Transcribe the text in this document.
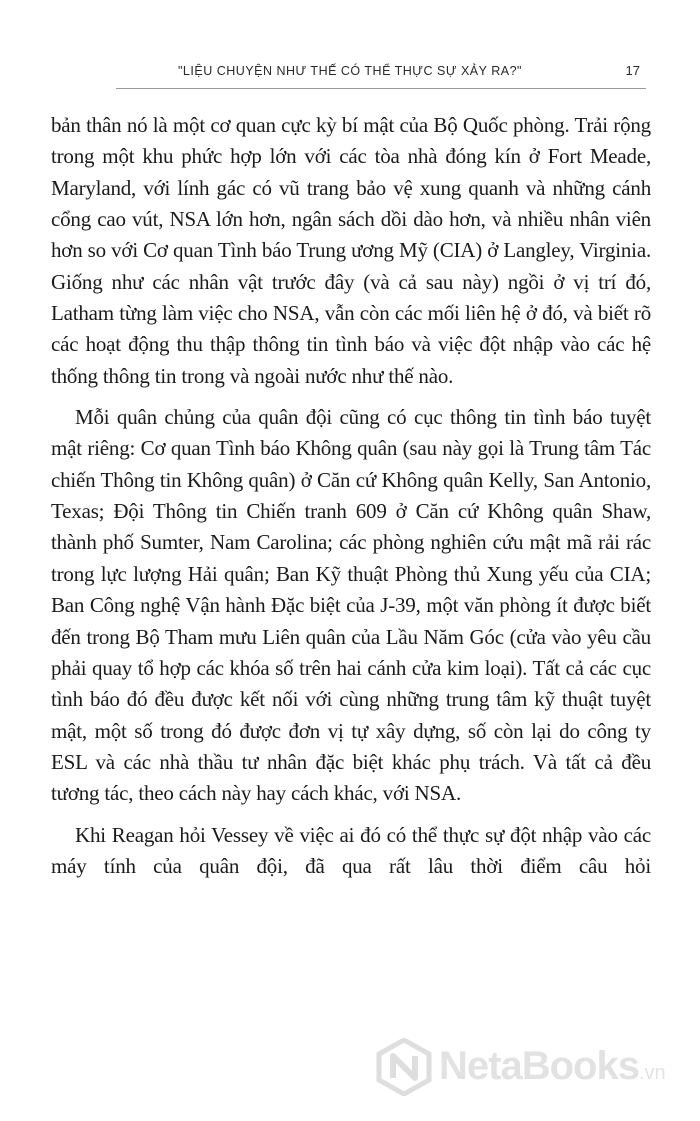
"LIỆU CHUYỆN NHƯ THẾ CÓ THỂ THỰC SỰ XẢY RA?"	17

bản thân nó là một cơ quan cực kỳ bí mật của Bộ Quốc phòng. Trải rộng trong một khu phức hợp lớn với các tòa nhà đóng kín ở Fort Meade, Maryland, với lính gác có vũ trang bảo vệ xung quanh và những cánh cổng cao vút, NSA lớn hơn, ngân sách dồi dào hơn, và nhiều nhân viên hơn so với Cơ quan Tình báo Trung ương Mỹ (CIA) ở Langley, Virginia. Giống như các nhân vật trước đây (và cả sau này) ngồi ở vị trí đó, Latham từng làm việc cho NSA, vẫn còn các mối liên hệ ở đó, và biết rõ các hoạt động thu thập thông tin tình báo và việc đột nhập vào các hệ thống thông tin trong và ngoài nước như thế nào.

Mỗi quân chủng của quân đội cũng có cục thông tin tình báo tuyệt mật riêng: Cơ quan Tình báo Không quân (sau này gọi là Trung tâm Tác chiến Thông tin Không quân) ở Căn cứ Không quân Kelly, San Antonio, Texas; Đội Thông tin Chiến tranh 609 ở Căn cứ Không quân Shaw, thành phố Sumter, Nam Carolina; các phòng nghiên cứu mật mã rải rác trong lực lượng Hải quân; Ban Kỹ thuật Phòng thủ Xung yếu của CIA; Ban Công nghệ Vận hành Đặc biệt của J-39, một văn phòng ít được biết đến trong Bộ Tham mưu Liên quân của Lầu Năm Góc (cửa vào yêu cầu phải quay tổ hợp các khóa số trên hai cánh cửa kim loại). Tất cả các cục tình báo đó đều được kết nối với cùng những trung tâm kỹ thuật tuyệt mật, một số trong đó được đơn vị tự xây dựng, số còn lại do công ty ESL và các nhà thầu tư nhân đặc biệt khác phụ trách. Và tất cả đều tương tác, theo cách này hay cách khác, với NSA.

Khi Reagan hỏi Vessey về việc ai đó có thể thực sự đột nhập vào các máy tính của quân đội, đã qua rất lâu thời điểm câu hỏi

NetaBooks.vn
